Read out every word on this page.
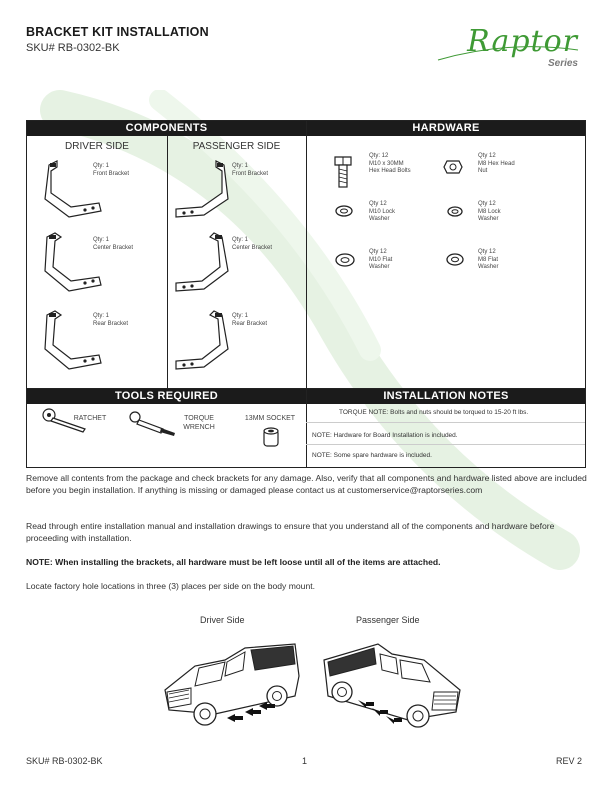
BRACKET KIT INSTALLATION
SKU# RB-0302-BK	Raptor
Series
COMPONENTS	HARDWARE
DRIVER SIDE	PASSENGER SIDE
Qty: 1
Front Bracket
Qty: 1
Center Bracket
Qty: 1
Rear Bracket
Qty: 1
Front Bracket
Qty: 1
Center Bracket
Qty: 1
Rear Bracket
Qty: 12
M10 x 30MM
Hex Head Bolts
Qty 12
M8 Hex Head
Nut
Qty 12
M10 Lock
Washer
Qty 12
M8 Lock
Washer
Qty 12
M10 Flat
Washer
Qty 12
M8 Flat
Washer
TOOLS REQUIRED	INSTALLATION NOTES
RATCHET	TORQUE
WRENCH
13MM SOCKET
TORQUE NOTE: Bolts and nuts should be torqued to 15-20 ft lbs.
NOTE: Hardware for Board Installation is included.
NOTE: Some spare hardware is included.
Remove all contents from the package and check brackets for any damage. Also, verify that all components and hardware listed above are included before you begin installation. If anything is missing or damaged please contact us at customerservice@raptorseries.com
Read through entire installation manual and installation drawings to ensure that you understand all of the components and hardware before proceeding with installation.
NOTE: When installing the brackets, all hardware must be left loose until all of the items are attached.
Locate factory hole locations in three (3) places per side on the body mount.
Driver Side	Passenger Side
SKU# RB-0302-BK	1	REV 2
